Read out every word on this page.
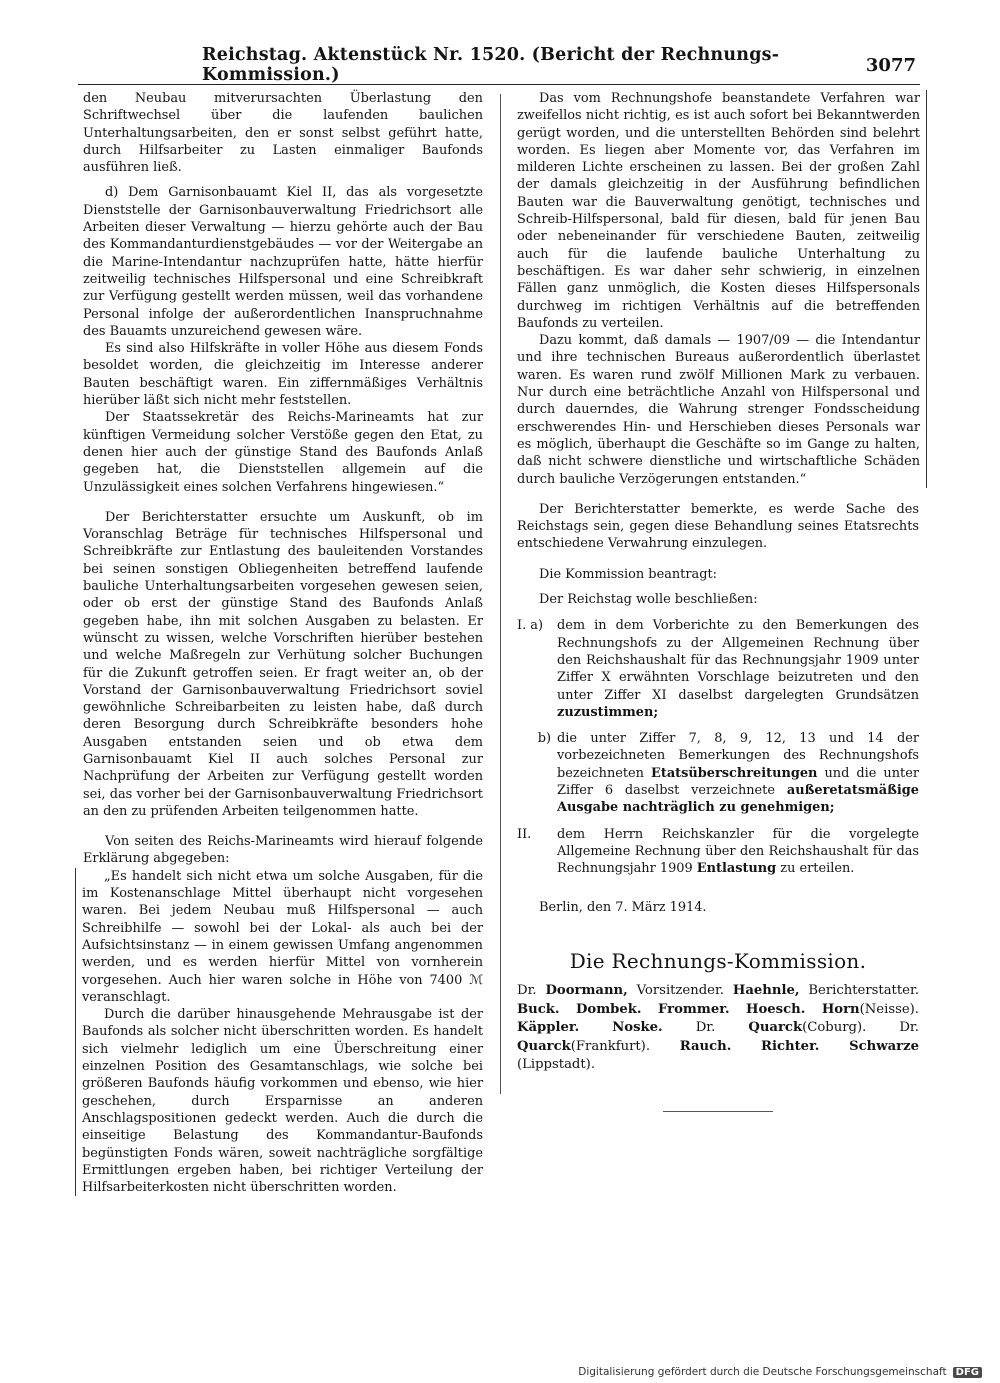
Reichstag. Aktenstück Nr. 1520. (Bericht der Rechnungs-Kommission.)	3077

den Neubau mitverursachten Überlastung den Schriftwechsel über die laufenden baulichen Unterhaltungsarbeiten, den er sonst selbst geführt hatte, durch Hilfsarbeiter zu Lasten einmaliger Baufonds ausführen ließ.

d) Dem Garnisonbauamt Kiel II, das als vorgesetzte Dienststelle der Garnisonbauverwaltung Friedrichsort alle Arbeiten dieser Verwaltung — hierzu gehörte auch der Bau des Kommandanturdienstgebäudes — vor der Weitergabe an die Marine-Intendantur nachzuprüfen hatte, hätte hierfür zeitweilig technisches Hilfspersonal und eine Schreibkraft zur Verfügung gestellt werden müssen, weil das vorhandene Personal infolge der außerordentlichen Inanspruchnahme des Bauamts unzureichend gewesen wäre.

Es sind also Hilfskräfte in voller Höhe aus diesem Fonds besoldet worden, die gleichzeitig im Interesse anderer Bauten beschäftigt waren. Ein ziffernmäßiges Verhältnis hierüber läßt sich nicht mehr feststellen.

Der Staatssekretär des Reichs-Marineamts hat zur künftigen Vermeidung solcher Verstöße gegen den Etat, zu denen hier auch der günstige Stand des Baufonds Anlaß gegeben hat, die Dienststellen allgemein auf die Unzulässigkeit eines solchen Verfahrens hingewiesen.“

Der Berichterstatter ersuchte um Auskunft, ob im Voranschlag Beträge für technisches Hilfspersonal und Schreibkräfte zur Entlastung des bauleitenden Vorstandes bei seinen sonstigen Obliegenheiten betreffend laufende bauliche Unterhaltungsarbeiten vorgesehen gewesen seien, oder ob erst der günstige Stand des Baufonds Anlaß gegeben habe, ihn mit solchen Ausgaben zu belasten. Er wünscht zu wissen, welche Vorschriften hierüber bestehen und welche Maßregeln zur Verhütung solcher Buchungen für die Zukunft getroffen seien. Er fragt weiter an, ob der Vorstand der Garnisonbauverwaltung Friedrichsort soviel gewöhnliche Schreibarbeiten zu leisten habe, daß durch deren Besorgung durch Schreibkräfte besonders hohe Ausgaben entstanden seien und ob etwa dem Garnisonbauamt Kiel II auch solches Personal zur Nachprüfung der Arbeiten zur Verfügung gestellt worden sei, das vorher bei der Garnisonbauverwaltung Friedrichsort an den zu prüfenden Arbeiten teilgenommen hatte.

Von seiten des Reichs-Marineamts wird hierauf folgende Erklärung abgegeben:

„Es handelt sich nicht etwa um solche Ausgaben, für die im Kostenanschlage Mittel überhaupt nicht vorgesehen waren. Bei jedem Neubau muß Hilfspersonal — auch Schreibhilfe — sowohl bei der Lokal- als auch bei der Aufsichtsinstanz — in einem gewissen Umfang angenommen werden, und es werden hierfür Mittel von vornherein vorgesehen. Auch hier waren solche in Höhe von 7400 ℳ veranschlagt.

Durch die darüber hinausgehende Mehrausgabe ist der Baufonds als solcher nicht überschritten worden. Es handelt sich vielmehr lediglich um eine Überschreitung einer einzelnen Position des Gesamtanschlags, wie solche bei größeren Baufonds häufig vorkommen und ebenso, wie hier geschehen, durch Ersparnisse an anderen Anschlagspositionen gedeckt werden. Auch die durch die einseitige Belastung des Kommandantur-Baufonds begünstigten Fonds wären, soweit nachträgliche sorgfältige Ermittlungen ergeben haben, bei richtiger Verteilung der Hilfsarbeiterkosten nicht überschritten worden.

Das vom Rechnungshofe beanstandete Verfahren war zweifellos nicht richtig, es ist auch sofort bei Bekanntwerden gerügt worden, und die unterstellten Behörden sind belehrt worden. Es liegen aber Momente vor, das Verfahren im milderen Lichte erscheinen zu lassen. Bei der großen Zahl der damals gleichzeitig in der Ausführung befindlichen Bauten war die Bauverwaltung genötigt, technisches und Schreib-Hilfspersonal, bald für diesen, bald für jenen Bau oder nebeneinander für verschiedene Bauten, zeitweilig auch für die laufende bauliche Unterhaltung zu beschäftigen. Es war daher sehr schwierig, in einzelnen Fällen ganz unmöglich, die Kosten dieses Hilfspersonals durchweg im richtigen Verhältnis auf die betreffenden Baufonds zu verteilen.

Dazu kommt, daß damals — 1907/09 — die Intendantur und ihre technischen Bureaus außerordentlich überlastet waren. Es waren rund zwölf Millionen Mark zu verbauen. Nur durch eine beträchtliche Anzahl von Hilfspersonal und durch dauerndes, die Wahrung strenger Fondsscheidung erschwerendes Hin- und Herschieben dieses Personals war es möglich, überhaupt die Geschäfte so im Gange zu halten, daß nicht schwere dienstliche und wirtschaftliche Schäden durch bauliche Verzögerungen entstanden.“

Der Berichterstatter bemerkte, es werde Sache des Reichstags sein, gegen diese Behandlung seines Etatsrechts entschiedene Verwahrung einzulegen.

Die Kommission beantragt:

Der Reichstag wolle beschließen:

I. a)	dem in dem Vorberichte zu den Bemerkungen des Rechnungshofs zu der Allgemeinen Rechnung über den Reichshaushalt für das Rechnungsjahr 1909 unter Ziffer X erwähnten Vorschlage beizutreten und den unter Ziffer XI daselbst dargelegten Grundsätzen zuzustimmen;
b) die unter Ziffer 7, 8, 9, 12, 13 und 14 der vorbezeichneten Bemerkungen des Rechnungshofs bezeichneten Etatsüberschreitungen und die unter Ziffer 6 daselbst verzeichnete außeretatsmäßige Ausgabe nachträglich zu genehmigen;
II.	dem Herrn Reichskanzler für die vorgelegte Allgemeine Rechnung über den Reichshaushalt für das Rechnungsjahr 1909 Entlastung zu erteilen.

Berlin, den 7. März 1914.

Die Rechnungs-Kommission.
Dr. Doormann, Vorsitzender. Haehnle, Berichterstatter. Buck. Dombek. Frommer. Hoesch. Horn(Neisse). Käppler.	Noske.	Dr.	Quarck(Coburg).	Dr. Quarck(Frankfurt). Rauch. Richter. Schwarze (Lippstadt).
Digitalisierung gefördert durch die Deutsche Forschungsgemeinschaft DFG
